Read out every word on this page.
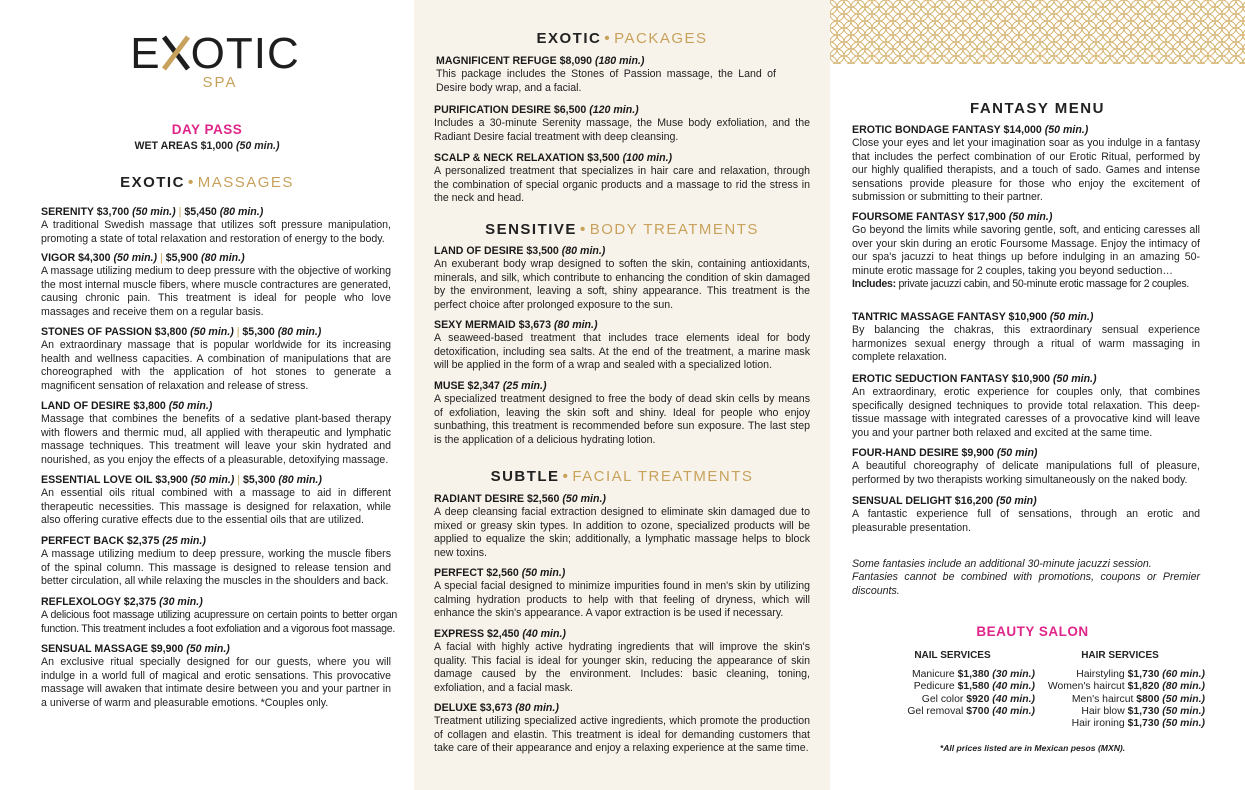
E OTIC
SPA
DAY PASS
WET AREAS $1,000 (50 min.)
EXOTIC • MASSAGES
SERENITY $3,700 (50 min.) | $5,450 (80 min.)
A traditional Swedish massage that utilizes soft pressure manipulation, promoting a state of total relaxation and restoration of energy to the body.
VIGOR $4,300 (50 min.) | $5,900 (80 min.)
A massage utilizing medium to deep pressure with the objective of working the most internal muscle fibers, where muscle contractures are generated, causing chronic pain. This treatment is ideal for people who love massages and receive them on a regular basis.
STONES OF PASSION $3,800 (50 min.) | $5,300 (80 min.)
An extraordinary massage that is popular worldwide for its increasing health and wellness capacities. A combination of manipulations that are choreographed with the application of hot stones to generate a magnificent sensation of relaxation and release of stress.
LAND OF DESIRE $3,800 (50 min.)
Massage that combines the benefits of a sedative plant-based therapy with flowers and thermic mud, all applied with therapeutic and lymphatic massage techniques. This treatment will leave your skin hydrated and nourished, as you enjoy the effects of a pleasurable, detoxifying massage.
ESSENTIAL LOVE OIL $3,900 (50 min.) | $5,300 (80 min.)
An essential oils ritual combined with a massage to aid in different therapeutic necessities. This massage is designed for relaxation, while also offering curative effects due to the essential oils that are utilized.
PERFECT BACK $2,375 (25 min.)
A massage utilizing medium to deep pressure, working the muscle fibers of the spinal column. This massage is designed to release tension and better circulation, all while relaxing the muscles in the shoulders and back.
REFLEXOLOGY $2,375 (30 min.)
A delicious foot massage utilizing acupressure on certain points to better organ function. This treatment includes a foot exfoliation and a vigorous foot massage.
SENSUAL MASSAGE $9,900 (50 min.)
An exclusive ritual specially designed for our guests, where you will indulge in a world full of magical and erotic sensations. This provocative massage will awaken that intimate desire between you and your partner in a universe of warm and pleasurable emotions. *Couples only.
EXOTIC • PACKAGES
MAGNIFICENT REFUGE $8,090 (180 min.)
This package includes the Stones of Passion massage, the Land of Desire body wrap, and a facial.
PURIFICATION DESIRE $6,500 (120 min.)
Includes a 30-minute Serenity massage, the Muse body exfoliation, and the Radiant Desire facial treatment with deep cleansing.
SCALP & NECK RELAXATION $3,500 (100 min.)
A personalized treatment that specializes in hair care and relaxation, through the combination of special organic products and a massage to rid the stress in the neck and head.
SENSITIVE • BODY TREATMENTS
LAND OF DESIRE $3,500 (80 min.)
An exuberant body wrap designed to soften the skin, containing antioxidants, minerals, and silk, which contribute to enhancing the condition of skin damaged by the environment, leaving a soft, shiny appearance. This treatment is the perfect choice after prolonged exposure to the sun.
SEXY MERMAID $3,673 (80 min.)
A seaweed-based treatment that includes trace elements ideal for body detoxification, including sea salts. At the end of the treatment, a marine mask will be applied in the form of a wrap and sealed with a specialized lotion.
MUSE $2,347 (25 min.)
A specialized treatment designed to free the body of dead skin cells by means of exfoliation, leaving the skin soft and shiny. Ideal for people who enjoy sunbathing, this treatment is recommended before sun exposure. The last step is the application of a delicious hydrating lotion.
SUBTLE • FACIAL TREATMENTS
RADIANT DESIRE $2,560 (50 min.)
A deep cleansing facial extraction designed to eliminate skin damaged due to mixed or greasy skin types. In addition to ozone, specialized products will be applied to equalize the skin; additionally, a lymphatic massage helps to block new toxins.
PERFECT $2,560 (50 min.)
A special facial designed to minimize impurities found in men's skin by utilizing calming hydration products to help with that feeling of dryness, which will enhance the skin's appearance. A vapor extraction is be used if necessary.
EXPRESS $2,450 (40 min.)
A facial with highly active hydrating ingredients that will improve the skin's quality. This facial is ideal for younger skin, reducing the appearance of skin damage caused by the environment. Includes: basic cleaning, toning, exfoliation, and a facial mask.
DELUXE $3,673 (80 min.)
Treatment utilizing specialized active ingredients, which promote the production of collagen and elastin. This treatment is ideal for demanding customers that take care of their appearance and enjoy a relaxing experience at the same time.
FANTASY MENU
EROTIC BONDAGE FANTASY $14,000 (50 min.)
Close your eyes and let your imagination soar as you indulge in a fantasy that includes the perfect combination of our Erotic Ritual, performed by our highly qualified therapists, and a touch of sado. Games and intense sensations provide pleasure for those who enjoy the excitement of submission or submitting to their partner.
FOURSOME FANTASY $17,900 (50 min.)
Go beyond the limits while savoring gentle, soft, and enticing caresses all over your skin during an erotic Foursome Massage. Enjoy the intimacy of our spa's jacuzzi to heat things up before indulging in an amazing 50-minute erotic massage for 2 couples, taking you beyond seduction…
Includes: private jacuzzi cabin, and 50-minute erotic massage for 2 couples.
TANTRIC MASSAGE FANTASY $10,900 (50 min.)
By balancing the chakras, this extraordinary sensual experience harmonizes sexual energy through a ritual of warm massaging in complete relaxation.
EROTIC SEDUCTION FANTASY $10,900 (50 min.)
An extraordinary, erotic experience for couples only, that combines specifically designed techniques to provide total relaxation. This deep-tissue massage with integrated caresses of a provocative kind will leave you and your partner both relaxed and excited at the same time.
FOUR-HAND DESIRE $9,900 (50 min)
A beautiful choreography of delicate manipulations full of pleasure, performed by two therapists working simultaneously on the naked body.
SENSUAL DELIGHT $16,200 (50 min)
A fantastic experience full of sensations, through an erotic and pleasurable presentation.
Some fantasies include an additional 30-minute jacuzzi session.
Fantasies cannot be combined with promotions, coupons or Premier discounts.
BEAUTY SALON
NAIL SERVICES
Manicure $1,380 (30 min.)
Pedicure $1,580 (40 min.)
Gel color $920 (40 min.)
Gel removal $700 (40 min.)
HAIR SERVICES
Hairstyling $1,730 (60 min.)
Women's haircut $1,820 (80 min.)
Men's haircut $800 (50 min.)
Hair blow $1,730 (50 min.)
Hair ironing $1,730 (50 min.)
*All prices listed are in Mexican pesos (MXN).
